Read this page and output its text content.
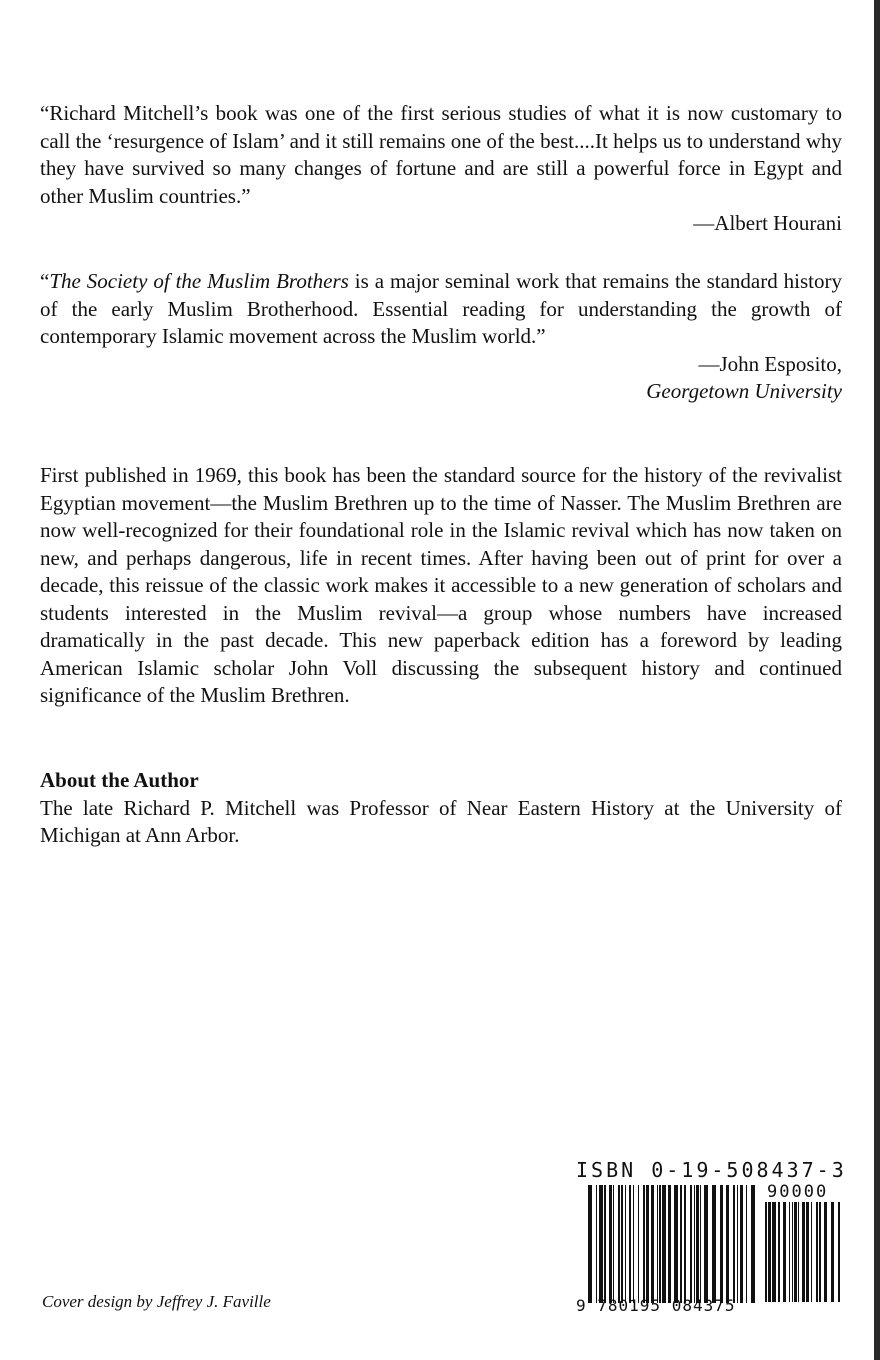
“Richard Mitchell’s book was one of the first serious studies of what it is now customary to call the ‘resurgence of Islam’ and it still remains one of the best....It helps us to understand why they have survived so many changes of fortune and are still a powerful force in Egypt and other Muslim countries.”

—Albert Hourani

“The Society of the Muslim Brothers is a major seminal work that remains the standard history of the early Muslim Brotherhood. Essential reading for understanding the growth of contemporary Islamic movement across the Muslim world.”

—John Esposito,

Georgetown University

First published in 1969, this book has been the standard source for the history of the revivalist Egyptian movement—the Muslim Brethren up to the time of Nasser. The Muslim Brethren are now well-recognized for their foundational role in the Islamic revival which has now taken on new, and perhaps dangerous, life in recent times. After having been out of print for over a decade, this reissue of the classic work makes it accessible to a new generation of scholars and students interested in the Muslim revival—a group whose numbers have increased dramatically in the past decade. This new paperback edition has a foreword by leading American Islamic scholar John Voll discussing the subsequent history and continued significance of the Muslim Brethren.

About the Author

The late Richard P. Mitchell was Professor of Near Eastern History at the University of Michigan at Ann Arbor.

ISBN 0-19-508437-3
90000
9 780195 084375
Cover design by Jeffrey J. Faville
